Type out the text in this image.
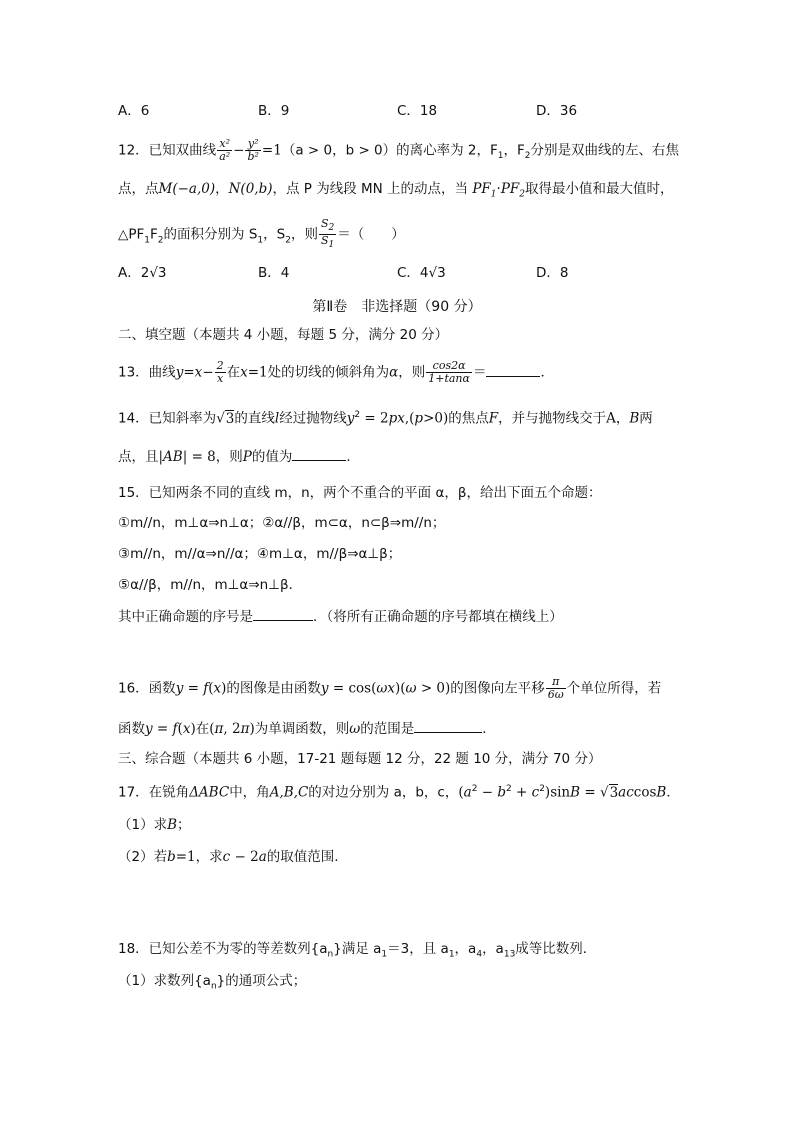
A．6	B．9	C．18	D．36
12．已知双曲线 $\frac{\text{x²}}{\text{a²}} - \frac{\text{y²}}{\text{b²}} =1(a > 0$，b > 0）的离心率为 2，$F_1$，$F_2$分别是双曲线的左、右焦
点，点M(−a,0)，N(0,b)，点 P 为线段 MN 上的动点，当 $PF_1\cdot PF_2$取得最小值和最大值时，
$\triangle PF_1F_2$的面积分别为 $S_1$，$S_2$，则 $\frac{S_2}{S_1}$ ＝（　　）
A．2√3	B．4	C．4√3	D．8
第Ⅱ卷　非选择题（90 分）
二、填空题（本题共 4 小题，每题 5 分，满分 20 分）
13．曲线$y=x- \frac{2}{x}$ 在x=1处的切线的倾斜角为α，则 $\frac{\cos 2\alpha}{1+\tan\alpha}$ ＝	．
14．已知斜率为√3的直线l经过抛物线$y^2 = 2px,(p>0)$的焦点F，并与抛物线交于A，B两
点，且|AB| = 8，则P的值为	．
15．已知两条不同的直线 m，n，两个不重合的平面 α，β，给出下面五个命题：
①m//n，m⊥α⇒n⊥α；②α//β，m⊂α，n⊂β⇒m//n；
③m//n，m//α⇒n//α；④m⊥α，m//β⇒α⊥β；
⑤α//β，m//n，m⊥α⇒n⊥β．
其中正确命题的序号是	．（将所有正确命题的序号都填在横线上）
16．函数y = f(x)的图像是由函数y = cos(ωx)(ω > 0)的图像向左平移 $\frac{\pi}{6\omega}$ 个单位所得，若
函数y = f(x)在(π, 2π)为单调函数，则ω的范围是	．
三、综合题（本题共 6 小题，17-21 题每题 12 分，22 题 10 分，满分 70 分）
17．在锐角ΔABC中，角A,B,C的对边分别为 a，b，c，$(a^2 - b^2 + c^2)\sin B = √3accosB$．
（1）求B；
（2）若b=1，求c − 2a的取值范围.
18．已知公差不为零的等差数列$\{a_n\}$满足 $a_1=3$，且 $a_1$，$a_4$，$a_{13}$成等比数列．
（1）求数列$\{a_n\}$的通项公式；
